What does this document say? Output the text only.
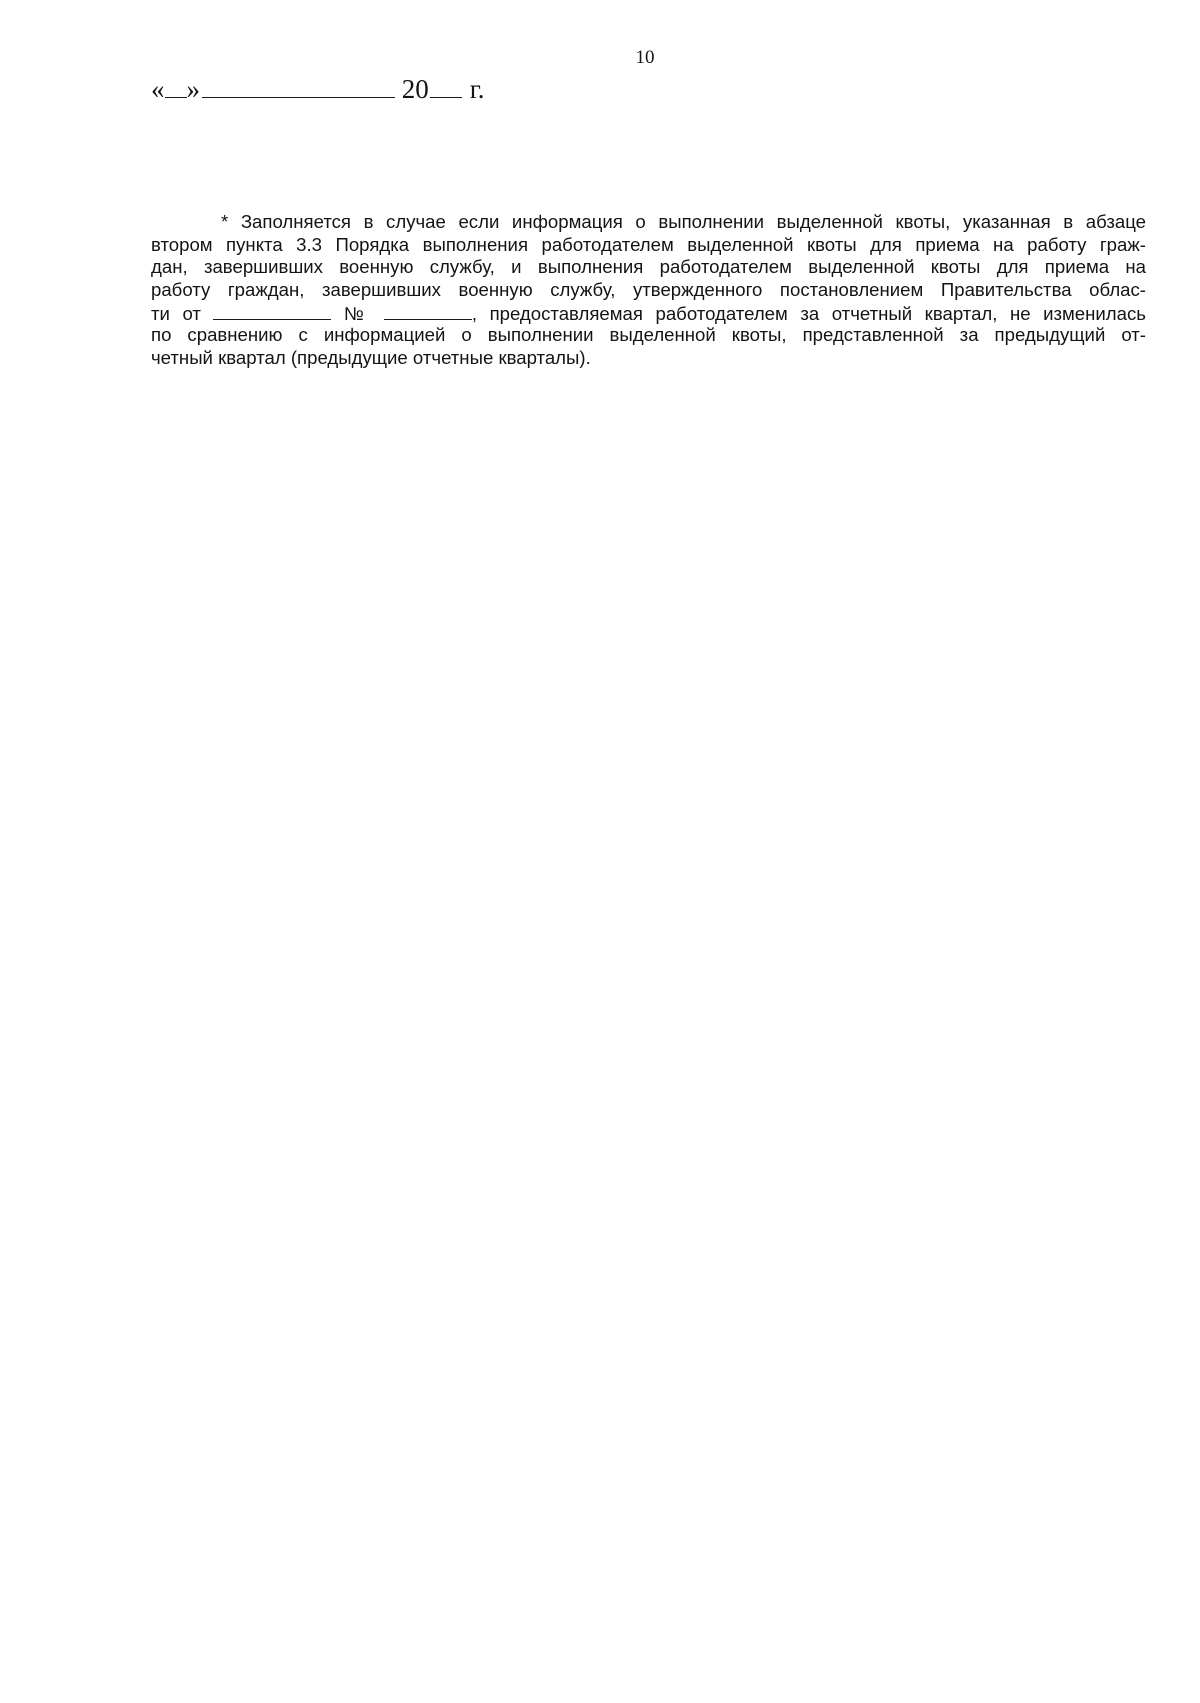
10
« »	20 г.
* Заполняется в случае если информация о выполнении выделенной квоты, указанная в абзаце
втором пункта 3.3 Порядка выполнения работодателем выделенной квоты для приема на работу граж-
дан, завершивших военную службу, и выполнения работодателем выделенной квоты для приема на
работу граждан, завершивших военную службу, утвержденного постановлением Правительства облас-
ти от	№	, предоставляемая работодателем за отчетный квартал, не изменилась
по сравнению с информацией о выполнении выделенной квоты, представленной за предыдущий от-
четный квартал (предыдущие отчетные кварталы).
